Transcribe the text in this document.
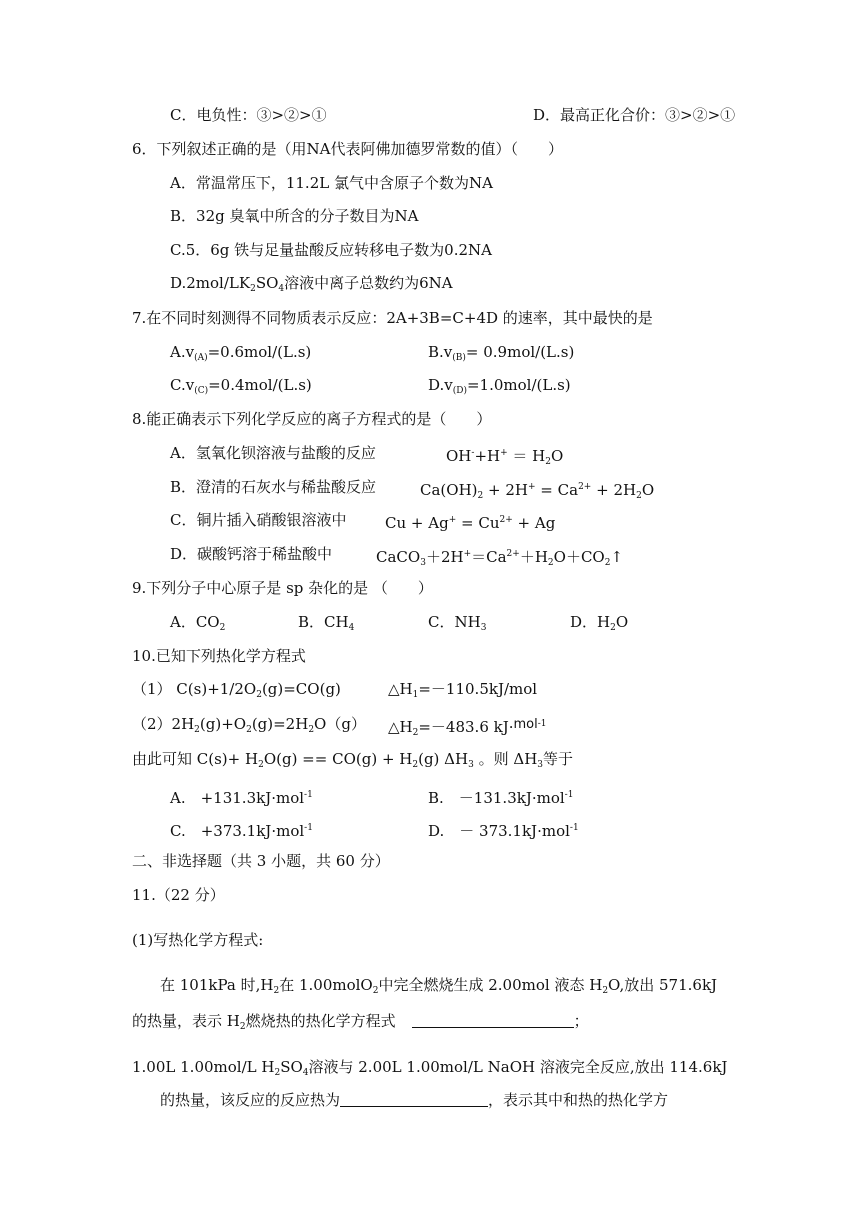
C．电负性：③>②>①	D．最高正化合价：③>②>①
6．下列叙述正确的是（用NA代表阿佛加德罗常数的值）（　　）
A．常温常压下，11.2L 氯气中含原子个数为NA
B．32g 臭氧中所含的分子数目为NA
C.5．6g 铁与足量盐酸反应转移电子数为0.2NA
$D.2mol/LK_2SO_4$溶液中离子总数约为6NA
7.在不同时刻测得不同物质表示反应：2A+3B=C+4D 的速率，其中最快的是
$A.v_{(A)}=0.6mol/(L.s)$	$B.v_{(B)}= 0.9mol/(L.s)$
$C.v_{(C)}=0.4mol/(L.s)$	$D.v_{(D)}=1.0mol/(L.s)$
8.能正确表示下列化学反应的离子方程式的是（　　）
A．氢氧化钡溶液与盐酸的反应	$OH^-+H^+ = H_2O$
B．澄清的石灰水与稀盐酸反应	$Ca(OH)_2 + 2H^+ = Ca^{2+} + 2H_2O$
C．铜片插入硝酸银溶液中	$Cu + Ag^+ = Cu^{2+} + Ag$
D．碳酸钙溶于稀盐酸中	$CaCO_3+2H^+=Ca^{2+}+H_2O+CO_2↑$
9.下列分子中心原子是 sp 杂化的是 （　　）
A．$CO_2$	B．$CH_4$	C．$NH_3$	D．$H_2O$
10.已知下列热化学方程式
（1） $C(s)+1/2O_2(g)=CO(g)$	$\triangle H_1=-110.5kJ$/mol
$(2)2H_2(g)+O_2(g)=2H_2O(g)$ $\triangle H_2=-483.6$ kJ·mol$^{-1}$
由此可知 $C(s)+ H_2O(g) == CO(g) + H_2(g)$ $\Delta H_3$ 。则 $\Delta H_3$等于
A.　+131.3kJ·mol$^{-1}$	B.　－131.3kJ·mol$^{-1}$
C.　+373.1kJ·mol$^{-1}$	D.　－ 373.1kJ·mol$^{-1}$
二、非选择题（共 3 小题，共 60 分）
11.（22 分）
(1)写热化学方程式:
在 101kPa 时$,H_2$在 1.00molO$_2$中完全燃烧生成 2.00mol 液态 $H_2O$,放出 571.6kJ
的热量，表示 $H_2$燃烧热的热化学方程式	；
1.00L 1.00mol/L $H_2SO_4$溶液与 2.00L 1.00mol/L NaOH 溶液完全反应,放出 114.6kJ
的热量，该反应的反应热为	，表示其中和热的热化学方
